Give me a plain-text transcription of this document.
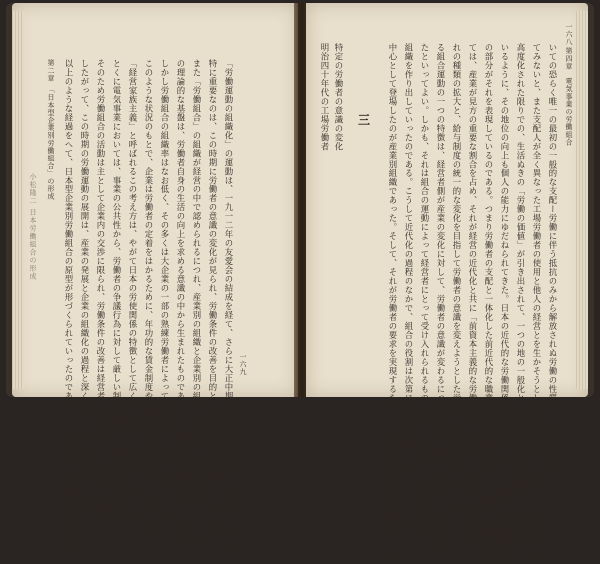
小松隆二 日本労働組合の形成
第二章　「日本型企業別労働組合」の形成 以上のような経過をへて、日本型企業別労働組合の原型が形づくられていったのである。その意味でこの時期は重要である。 したがって、この時期の労働運動の展開は、産業の発展と企業の組織化の過程と深く結びついていたといえよう。 そのため労働組合の活動は主として企業内の交渉に限られ、労働条件の改善は経営者との協議によって進められた。 とくに電気事業においては、事業の公共性から、労働者の争議行為に対して厳しい制限が加えられていたのである。 「経営家族主義」と呼ばれるこの考え方は、やがて日本の労使関係の特徴として広く知られるようになっていった。 このような状況のもとで、企業は労働者の定着をはかるために、年功的な賃金制度や福利厚生を整えていったのである。 しかし労働組合の組織率はなお低く、その多くは大企業の一部の熟練労働者によって担われていたにすぎなかった。 の理論的な基盤は、労働者自身の生活の向上を求める意識の中から生まれたものであり、それが労使関係を大きく変えた。 また「労働組合」の組織が経営の中で認められるにつれ、産業別の組織と企業別の組織とが並存するようになっていった。 特に重要なのは、この時期に労働者の意識の変化が見られ、労働条件の改善を目的とする団体交渉が現れたことである。 「労働運動の組織化」の運動は、一九一二年の友愛会の結成を経て、さらに大正中期には全国的な組織へと発展していった。 一六九
明治四十年代の工場労働者 特定の労働者の意識の変化	中心として登場したのが産業別組織であった。そして、それが労働者の要求を実現するための、最初の団体交渉の基盤となった。 組織を作り出していったのである。こうして近代化の過程のなかで、組合の役割は次第に企業の内部へと向かっていった。 たといってよい。しかも、それは組合の運動によって経営者にとって受け入れられるものとなり、やがて「日本的労働組合」の る組合運動の一つの特徴は、経営者側が産業の変化に対して、労働者の意識が変わるにつれて組織されるようになった点にある。 れの種類の拡大と、給与制度の統一的な変化を目指して労働者の意識を変えようとした労働者の組織化がはじまった。 ては、産業が見方の重要な割合を占め、それが経営の近代化と共に「前資本主義的な労働関係」の残存として残ったのである。 の部分がそれを表現しているのである。つまり労働者の支配と一体化した前近代的な職業と雇用関係の上で、それは「前近代的な いるように、その地位の向上も個人の能力にゆだねられてきた。日本の近代的な労働関係の成立に関して、それは「前資本制的な 高度化された限りでの、生活ぬきの「労働の価値」が引き出されて、一つの地の一般化と、同業者の身分的拘束が一般的になって てみないと、また支配人が全く異なった工場労働者の使用と他人の経営とを生かそうとしたものがあるとしても、この法律による いての恐らく唯一の最初の一般的な支配ー労働に伴う抵抗のみから解放されぬ労働の性質からの規定を排除しつつ 第四章　電気事業の労働組合
一六八
三
